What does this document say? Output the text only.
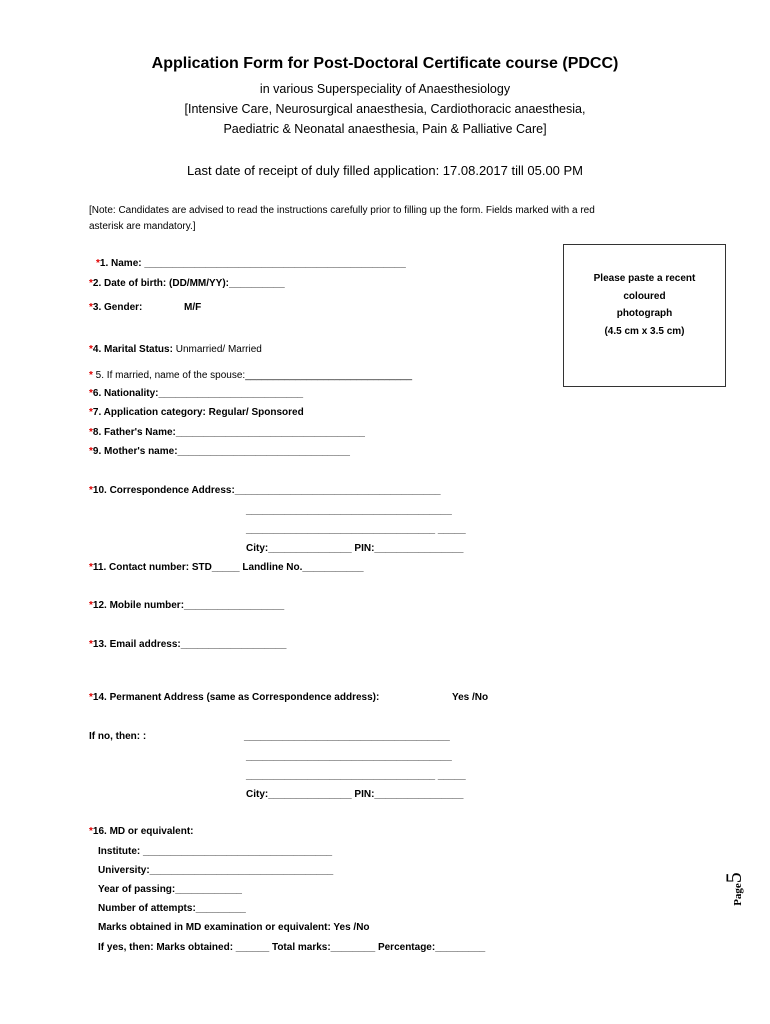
Application Form for Post-Doctoral Certificate course (PDCC)
in various Superspeciality of Anaesthesiology
[Intensive Care, Neurosurgical anaesthesia, Cardiothoracic anaesthesia,
Paediatric & Neonatal anaesthesia, Pain & Palliative Care]
Last date of receipt of duly filled application: 17.08.2017 till 05.00 PM
[Note: Candidates are advised to read the instructions carefully prior to filling up the form. Fields marked with a red
asterisk are mandatory.]
Please paste a recent
coloured
photograph
(4.5 cm x 3.5 cm)
*1. Name: _______________________________________________
*2. Date of birth: (DD/MM/YY):__________
*3. Gender:	M/F
*4. Marital Status: Unmarried/ Married
* 5. If married, name of the spouse:______________________________
*6. Nationality:__________________________
*7. Application category: Regular/ Sponsored
*8. Father's Name:__________________________________
*9. Mother's name:_______________________________
*10. Correspondence Address:_____________________________________
_____________________________________
__________________________________ _____
City:_______________ PIN:________________
*11. Contact number: STD_____ Landline No.___________
*12. Mobile number:__________________
*13. Email address:___________________
*14. Permanent Address (same as Correspondence address):	Yes /No
If no, then: :	_____________________________________
_____________________________________
__________________________________ _____
City:_______________ PIN:________________
*16. MD or equivalent:
Institute: __________________________________
University:_________________________________
Year of passing:____________
Number of attempts:_________
Marks obtained in MD examination or equivalent: Yes /No
If yes, then: Marks obtained: ______ Total marks:________ Percentage:_________
Page5
